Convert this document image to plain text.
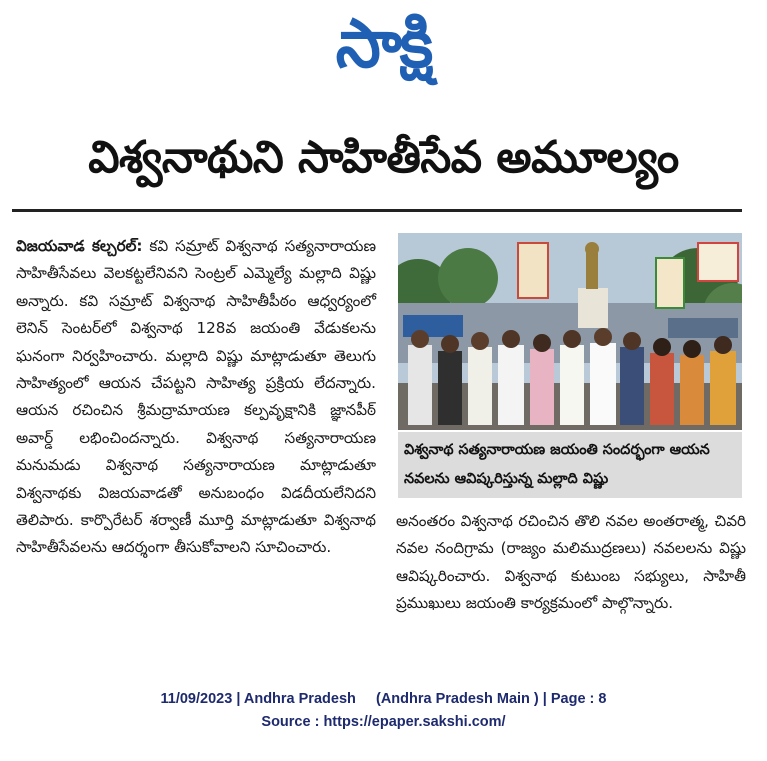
సాక్షి
విశ్వనాథుని సాహితీసేవ అమూల్యం
విజయవాడ కల్చరల్: కవి సమ్రాట్ విశ్వనాథ సత్యనారాయణ సాహితీసేవలు వెలకట్టలేనివని సెంట్రల్ ఎమ్మెల్యే మల్లాది విష్ణు అన్నారు. కవి సమ్రాట్ విశ్వనాథ సాహితీపీఠం ఆధ్వర్యంలో లెనిన్ సెంటర్‌లో విశ్వనాథ 128వ జయంతి వేడుకలను ఘనంగా నిర్వహించారు. మల్లాది విష్ణు మాట్లాడుతూ తెలుగు సాహిత్యంలో ఆయన చేపట్టని సాహిత్య ప్రక్రియ లేదన్నారు. ఆయన రచించిన శ్రీమద్రామాయణ కల్పవృక్షానికి జ్ఞానపీఠ్ అవార్డ్ లభించిందన్నారు. విశ్వనాథ సత్యనారాయణ మనుమడు విశ్వనాథ సత్యనారాయణ మాట్లాడుతూ విశ్వనాథకు విజయవాడతో అనుబంధం విడదీయలేనిదని తెలిపారు. కార్పొరేటర్ శర్వాణీ మూర్తి మాట్లాడుతూ విశ్వనాథ సాహితీసేవలను ఆదర్శంగా తీసుకోవాలని సూచించారు.
విశ్వనాథ సత్యనారాయణ జయంతి సందర్భంగా ఆయన నవలను ఆవిష్కరిస్తున్న మల్లాది విష్ణు
అనంతరం విశ్వనాథ రచించిన తొలి నవల అంతరాత్మ, చివరి నవల నందిగ్రామ (రాజ్యం మలిముద్రణలు) నవలలను విష్ణు ఆవిష్కరించారు. విశ్వనాథ కుటుంబ సభ్యులు, సాహితీ ప్రముఖులు జయంతి కార్యక్రమంలో పాల్గొన్నారు.
11/09/2023 | Andhra Pradesh     (Andhra Pradesh Main ) | Page : 8
Source : https://epaper.sakshi.com/
